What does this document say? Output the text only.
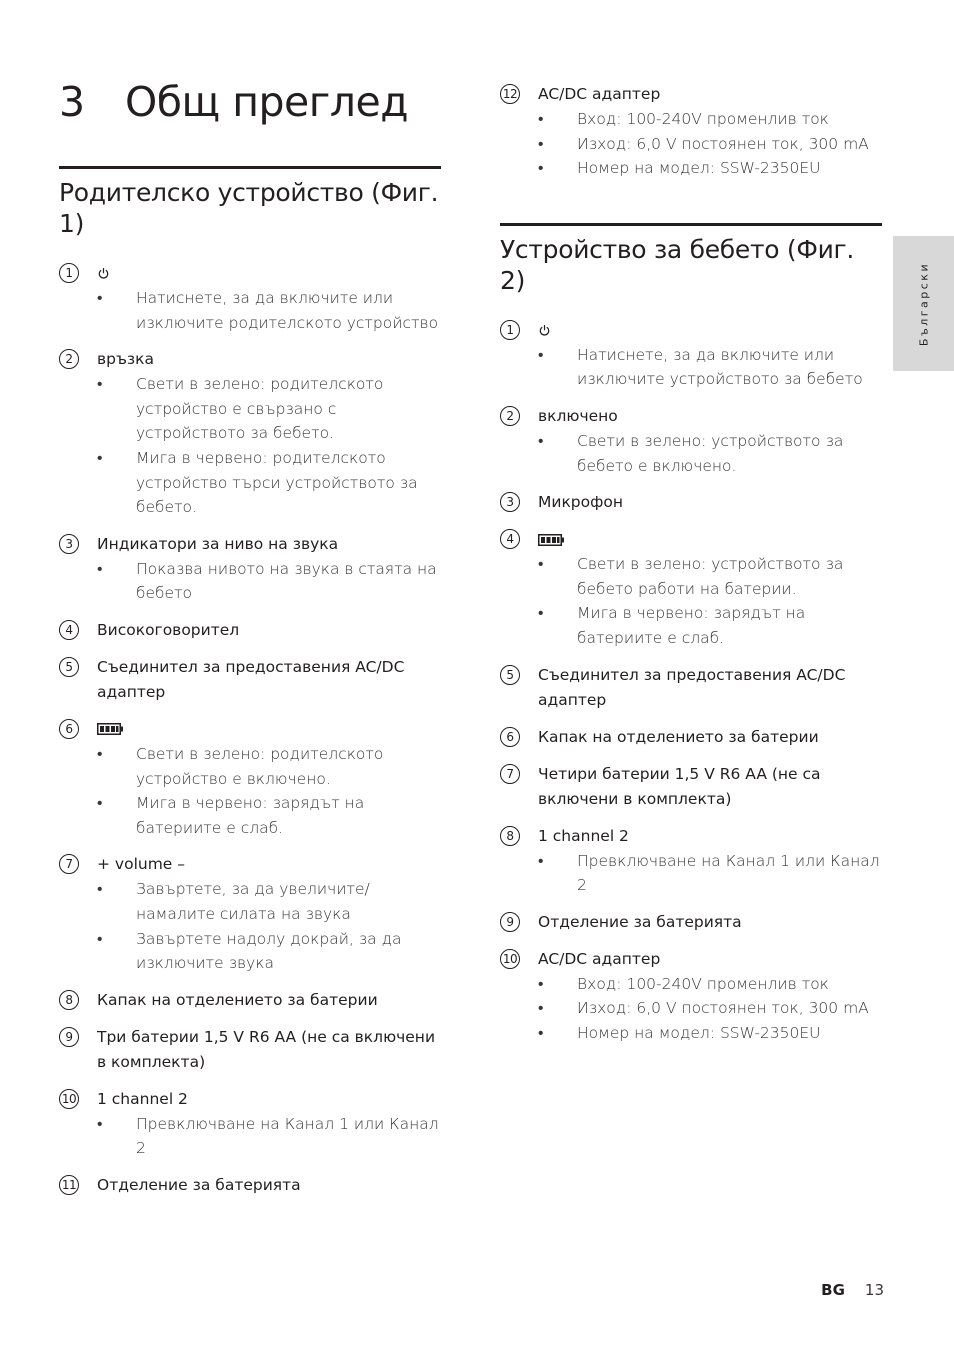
3 Общ преглед
Родителско устройство (Фиг. 1)
1
• Натиснете, за да включите или изключите родителското устройство
2	връзка
• Свети в зелено: родителското устройство е свързано с устройството за бебето.
• Мига в червено: родителското устройство търси устройството за бебето.
3	Индикатори за ниво на звука
• Показва нивото на звука в стаята на бебето
4	Високоговорител
5	Съединител за предоставения AC/DC адаптер
6
• Свети в зелено: родителското устройство е включено.
• Мига в червено: зарядът на батериите е слаб.
7	+ volume –
• Завъртете, за да увеличите/намалите силата на звука
• Завъртете надолу докрай, за да изключите звука
8	Капак на отделението за батерии
9	Три батерии 1,5 V R6 AA (не са включени в комплекта)
10 1 channel 2
• Превключване на Канал 1 или Канал 2
11 Отделение за батерията
12 AC/DC адаптер
• Вход: 100-240V променлив ток
• Изход: 6,0 V постоянен ток, 300 mA
• Номер на модел: SSW-2350EU
Устройство за бебето (Фиг. 2)
1
• Натиснете, за да включите или изключите устройството за бебето
2	включено
• Свети в зелено: устройството за бебето е включено.
3	Микрофон
4
• Свети в зелено: устройството за бебето работи на батерии.
• Мига в червено: зарядът на батериите е слаб.
5	Съединител за предоставения AC/DC адаптер
6	Капак на отделението за батерии
7	Четири батерии 1,5 V R6 AA (не са включени в комплекта)
8	1 channel 2
• Превключване на Канал 1 или Канал 2
9	Отделение за батерията
10 AC/DC адаптер
• Вход: 100-240V променлив ток
• Изход: 6,0 V постоянен ток, 300 mA
• Номер на модел: SSW-2350EU
Български
BG 13
